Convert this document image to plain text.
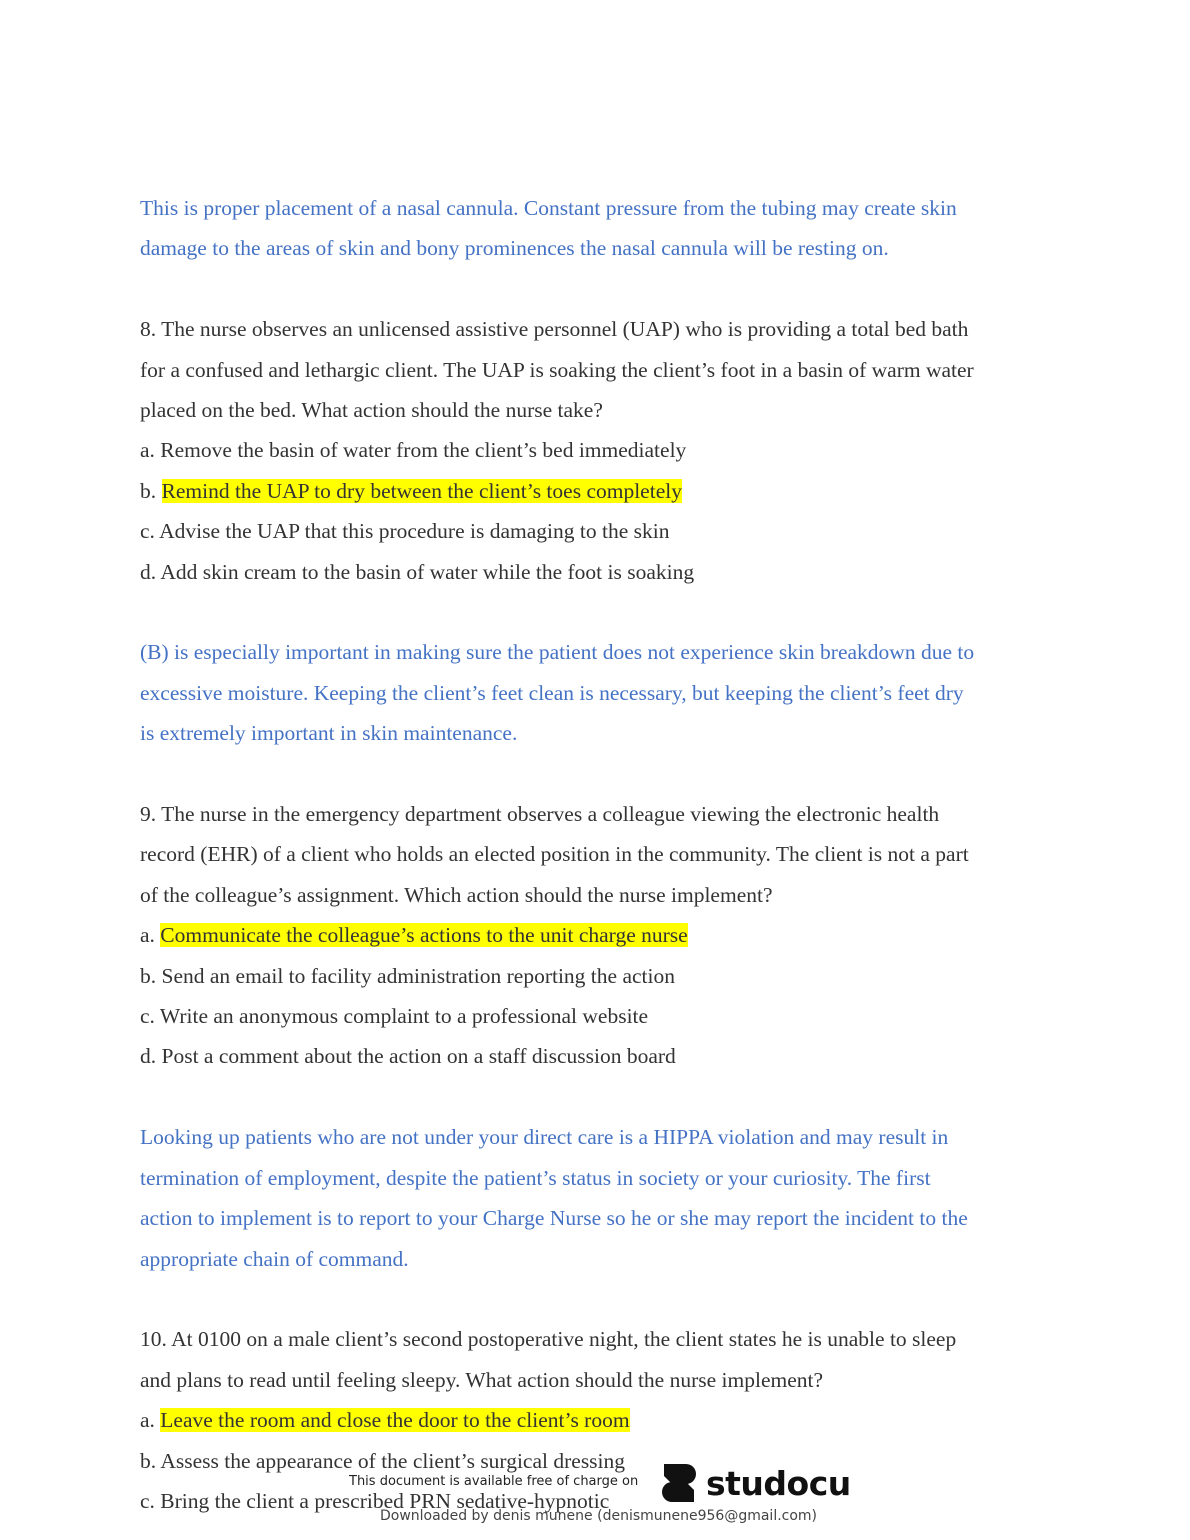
This is proper placement of a nasal cannula. Constant pressure from the tubing may create skin

damage to the areas of skin and bony prominences the nasal cannula will be resting on.

8. The nurse observes an unlicensed assistive personnel (UAP) who is providing a total bed bath

for a confused and lethargic client. The UAP is soaking the client’s foot in a basin of warm water

placed on the bed. What action should the nurse take?

a. Remove the basin of water from the client’s bed immediately

b. Remind the UAP to dry between the client’s toes completely

c. Advise the UAP that this procedure is damaging to the skin

d. Add skin cream to the basin of water while the foot is soaking

(B) is especially important in making sure the patient does not experience skin breakdown due to

excessive moisture. Keeping the client’s feet clean is necessary, but keeping the client’s feet dry

is extremely important in skin maintenance.

9. The nurse in the emergency department observes a colleague viewing the electronic health

record (EHR) of a client who holds an elected position in the community. The client is not a part

of the colleague’s assignment. Which action should the nurse implement?

a. Communicate the colleague’s actions to the unit charge nurse

b. Send an email to facility administration reporting the action

c. Write an anonymous complaint to a professional website

d. Post a comment about the action on a staff discussion board

Looking up patients who are not under your direct care is a HIPPA violation and may result in

termination of employment, despite the patient’s status in society or your curiosity. The first

action to implement is to report to your Charge Nurse so he or she may report the incident to the

appropriate chain of command.

10. At 0100 on a male client’s second postoperative night, the client states he is unable to sleep

and plans to read until feeling sleepy. What action should the nurse implement?

a. Leave the room and close the door to the client’s room

b. Assess the appearance of the client’s surgical dressing

c. Bring the client a prescribed PRN sedative-hypnotic

This document is available free of charge on studocu
Downloaded by denis munene (denismunene956@gmail.com)
